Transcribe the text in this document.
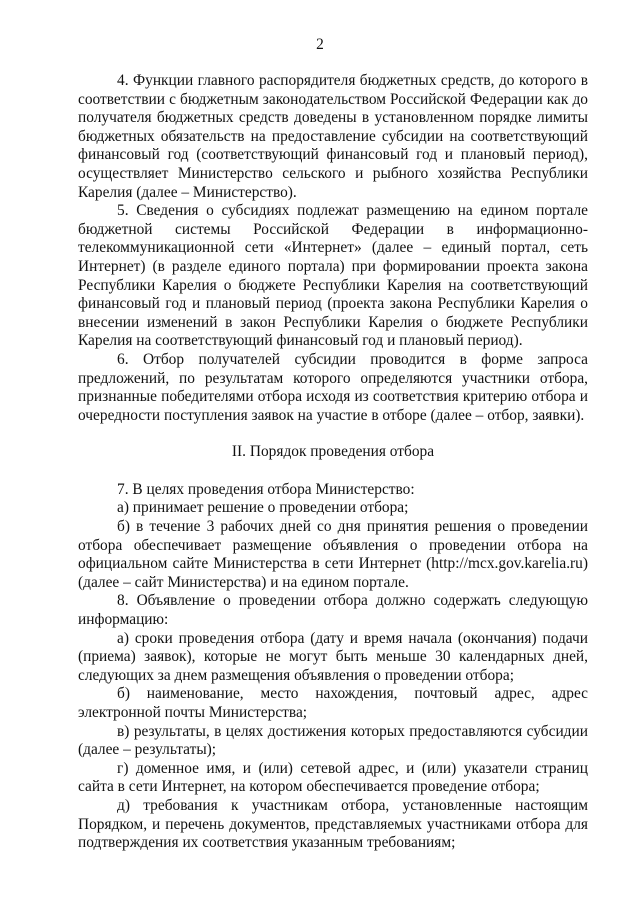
2

4. Функции главного распорядителя бюджетных средств, до которого в соответствии с бюджетным законодательством Российской Федерации как до получателя бюджетных средств доведены в установленном порядке лимиты бюджетных обязательств на предоставление субсидии на соответствующий финансовый год (соответствующий финансовый год и плановый период), осуществляет Министерство сельского и рыбного хозяйства Республики Карелия (далее – Министерство).

5. Сведения о субсидиях подлежат размещению на едином портале бюджетной системы Российской Федерации в информационно-телекоммуникационной сети «Интернет» (далее – единый портал, сеть Интернет) (в разделе единого портала) при формировании проекта закона Республики Карелия о бюджете Республики Карелия на соответствующий финансовый год и плановый период (проекта закона Республики Карелия о внесении изменений в закон Республики Карелия о бюджете Республики Карелия на соответствующий финансовый год и плановый период).

6. Отбор получателей субсидии проводится в форме запроса предложений, по результатам которого определяются участники отбора, признанные победителями отбора исходя из соответствия критерию отбора и очередности поступления заявок на участие в отборе (далее – отбор, заявки).

II. Порядок проведения отбора

7. В целях проведения отбора Министерство:

а) принимает решение о проведении отбора;

б) в течение 3 рабочих дней со дня принятия решения о проведении отбора обеспечивает размещение объявления о проведении отбора на официальном сайте Министерства в сети Интернет (http://mcx.gov.karelia.ru) (далее – сайт Министерства) и на едином портале.

8. Объявление о проведении отбора должно содержать следующую информацию:

а) сроки проведения отбора (дату и время начала (окончания) подачи (приема) заявок), которые не могут быть меньше 30 календарных дней, следующих за днем размещения объявления о проведении отбора;

б) наименование, место нахождения, почтовый адрес, адрес электронной почты Министерства;

в) результаты, в целях достижения которых предоставляются субсидии (далее – результаты);

г) доменное имя, и (или) сетевой адрес, и (или) указатели страниц сайта в сети Интернет, на котором обеспечивается проведение отбора;

д) требования к участникам отбора, установленные настоящим Порядком, и перечень документов, представляемых участниками отбора для подтверждения их соответствия указанным требованиям;
